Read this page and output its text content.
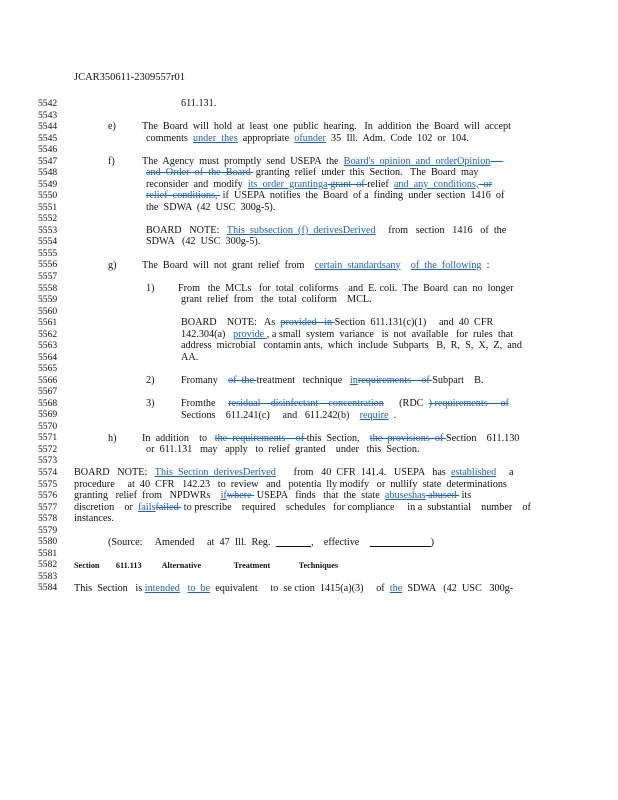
JCAR350611-2309557r01
5542
5543
5544
5545
5546
5547
5548
5549
5550
5551
5552
5553
5554
5555
5556
5557
5558
5559
5560
5561
5562
5563
5564
5565
5566
5567
5568
5569
5570
5571
5572
5573
5574
5575
5576
5577
5578
5579
5580
5581
5582
5583
5584
611.131.
e)	The  Board  will  hold  at  least  one  public  hearing.   In  addition  the  Board  will  accept
comments  under  thes  appropriate  ofunder  35  Ill.  Adm.  Code  102  or  104.
f)	The  Agency  must  promptly  send  USEPA  the  Board's  opinion  and  orderOpinion —
and  Order  of  the  Board  granting  relief  under  this  Section.   The  Board  may
reconsider  and  modify  its  order  grantinga grant  of relief  and  any  conditions,  or
relief  conditions,  if  USEPA  notifies  the  Board  of a  finding  under  section  1416  of
the  SDWA  (42  USC  300g-5).
BOARD   NOTE:   This  subsection  (f)  derivesDerived     from   section   1416   of  the
SDWA   (42  USC  300g-5).
g)	The  Board  will  not  grant  relief  from    certain  standardsany of  the  following  :
1) From   the  MCLs   for  total  coliforms    and  E. coli.  The  Board  can  no  longer
grant  relief  from   the  total  coliform    MCL.
BOARD    NOTE:   As  provided   in Section  611.131(c)(1)     and  40  CFR
142.304(a)   provide , a small  system  variance   is  not  available   for  rules  that
address  microbial   contamin ants,  which  include  Subparts   B,  R,  S,  X,  Z,  and
AA.
2)	Fromany    of  the treatment   technique   inrequirements    of Subpart    B.
3)	Fromthe     residual    disinfectant    concentration      (RDC  ) requirements     of
Sections    611.241(c)     and   611.242(b)    require  .
h)	In  addition    to   the  requirements    of this  Section,    the  provisions  of Section    611.130
or  611.131   may   apply   to  relief  granted    under   this  Section.
BOARD   NOTE:   This  Section  derivesDerived       from   40  CFR  141.4.   USEPA   has  established     a
procedure     at  40  CFR   142.23   to  review   and   potentia  lly modify   or  nullify  state  determinations
granting   relief  from   NPDWRs    ifwhere  USEPA   finds   that  the  state  abuseshas abused  its
discretion    or  failsfailed  to prescribe    required    schedules   for compliance     in a  substantial    number    of
instances.
(Source:     Amended     at  47  Ill.  Reg.	,    effective	)
Section        611.113          Alternative                Treatment              Techniques
This  Section   is intended to  be  equivalent     to  se ction  1415(a)(3)     of  the  SDWA   (42  USC   300g-
